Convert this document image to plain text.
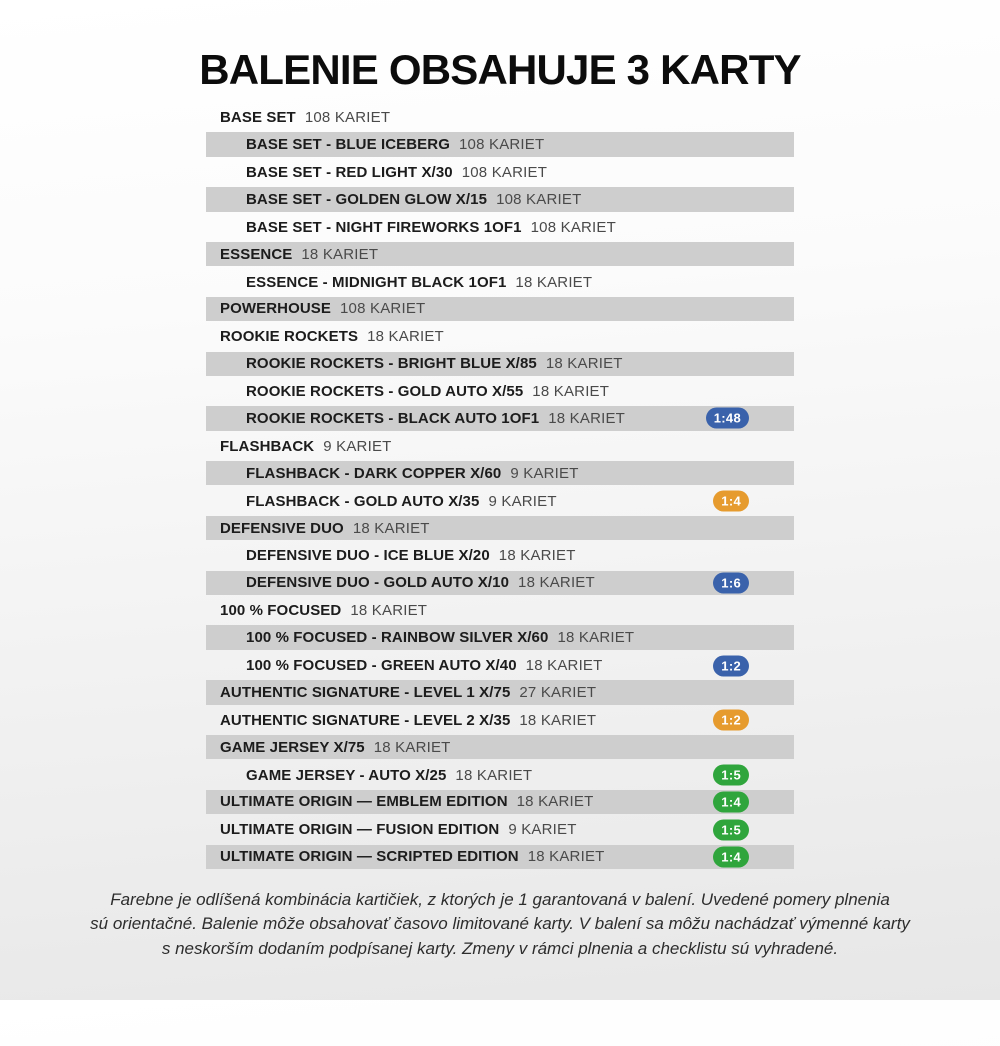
BALENIE OBSAHUJE 3 KARTY
BASE SET 108 KARIET
BASE SET - BLUE ICEBERG 108 KARIET
BASE SET - RED LIGHT X/30 108 KARIET
BASE SET - GOLDEN GLOW X/15 108 KARIET
BASE SET - NIGHT FIREWORKS 1OF1 108 KARIET
ESSENCE 18 KARIET
ESSENCE - MIDNIGHT BLACK 1OF1 18 KARIET
POWERHOUSE 108 KARIET
ROOKIE ROCKETS 18 KARIET
ROOKIE ROCKETS - BRIGHT BLUE X/85 18 KARIET
ROOKIE ROCKETS - GOLD AUTO X/55 18 KARIET
ROOKIE ROCKETS - BLACK AUTO 1OF1 18 KARIET	1:48
FLASHBACK 9 KARIET
FLASHBACK - DARK COPPER X/60 9 KARIET
FLASHBACK - GOLD AUTO X/35 9 KARIET	1:4
DEFENSIVE DUO 18 KARIET
DEFENSIVE DUO - ICE BLUE X/20 18 KARIET
DEFENSIVE DUO - GOLD AUTO X/10 18 KARIET	1:6
100 % FOCUSED 18 KARIET
100 % FOCUSED - RAINBOW SILVER X/60 18 KARIET
100 % FOCUSED - GREEN AUTO X/40 18 KARIET	1:2
AUTHENTIC SIGNATURE - LEVEL 1 X/75 27 KARIET
AUTHENTIC SIGNATURE - LEVEL 2 X/35 18 KARIET	1:2
GAME JERSEY X/75 18 KARIET
GAME JERSEY - AUTO X/25 18 KARIET	1:5
ULTIMATE ORIGIN — EMBLEM EDITION 18 KARIET	1:4
ULTIMATE ORIGIN — FUSION EDITION 9 KARIET	1:5
ULTIMATE ORIGIN — SCRIPTED EDITION 18 KARIET	1:4

Farebne je odlíšená kombinácia kartičiek, z ktorých je 1 garantovaná v balení. Uvedené pomery plnenia
sú orientačné. Balenie môže obsahovať časovo limitované karty. V balení sa môžu nachádzať výmenné karty
s neskorším dodaním podpísanej karty. Zmeny v rámci plnenia a checklistu sú vyhradené.
